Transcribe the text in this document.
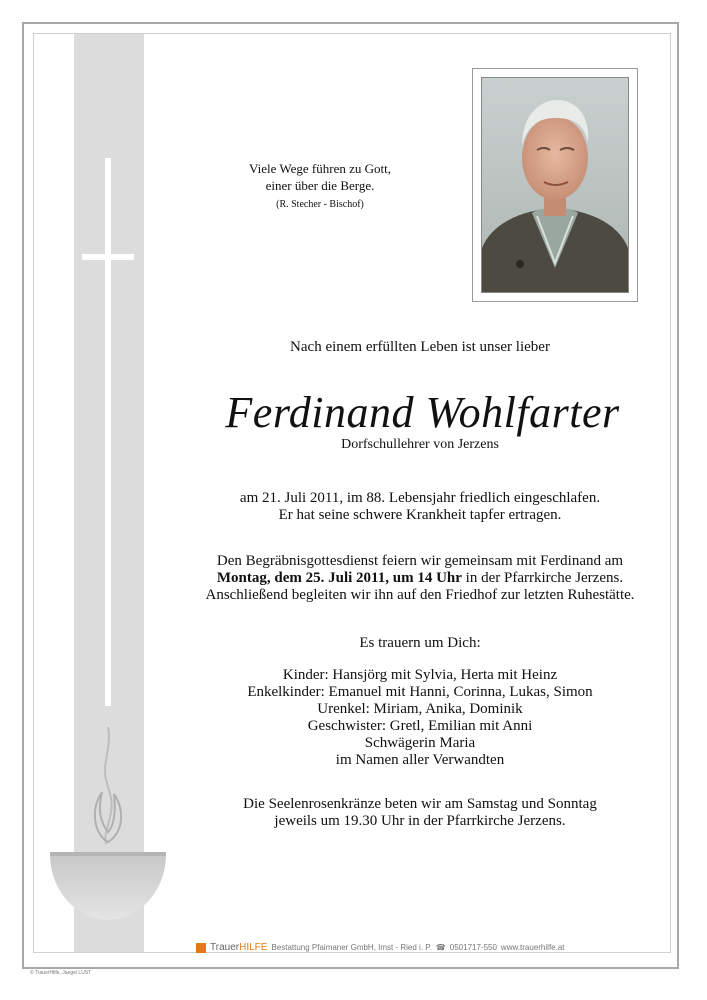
Viele Wege führen zu Gott,
einer über die Berge.
(R. Stecher - Bischof)
Nach einem erfüllten Leben ist unser lieber
Ferdinand Wohlfarter
Dorfschullehrer von Jerzens

am 21. Juli 2011, im 88. Lebensjahr friedlich eingeschlafen.

Er hat seine schwere Krankheit tapfer ertragen.

Den Begräbnisgottesdienst feiern wir gemeinsam mit Ferdinand am

Montag, dem 25. Juli 2011, um 14 Uhr in der Pfarrkirche Jerzens.

Anschließend begleiten wir ihn auf den Friedhof zur letzten Ruhestätte.

Es trauern um Dich:

Kinder: Hansjörg mit Sylvia, Herta mit Heinz

Enkelkinder: Emanuel mit Hanni, Corinna, Lukas, Simon

Urenkel: Miriam, Anika, Dominik

Geschwister: Gretl, Emilian mit Anni

Schwägerin Maria

im Namen aller Verwandten

Die Seelenrosenkränze beten wir am Samstag und Sonntag

jeweils um 19.30 Uhr in der Pfarrkirche Jerzens.

TrauerHILFE Bestattung Pfaimaner GmbH, Imst - Ried i. P. ☎ 0501717-550 www.trauerhilfe.at
© TrauerHilfe, Jaegel LUST
